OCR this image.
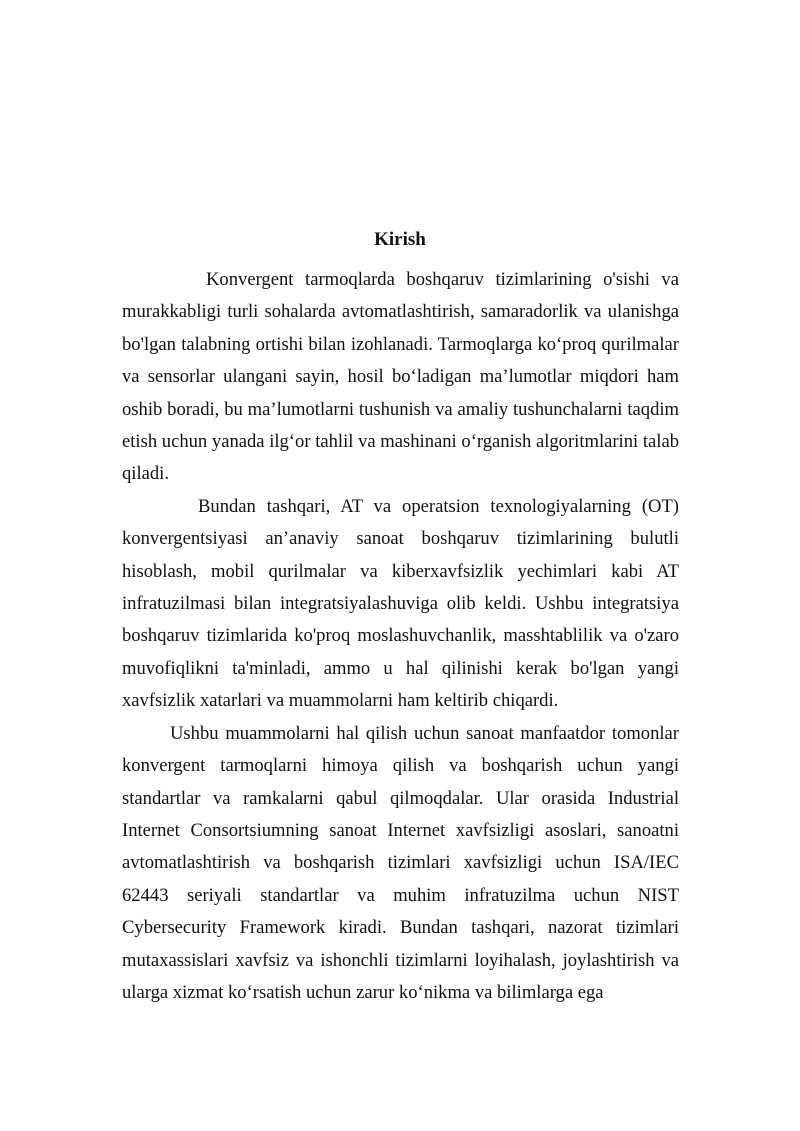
Kirish

Konvergent tarmoqlarda boshqaruv tizimlarining o'sishi va murakkabligi turli sohalarda avtomatlashtirish, samaradorlik va ulanishga bo'lgan talabning ortishi bilan izohlanadi. Tarmoqlarga ko‘proq qurilmalar va sensorlar ulangani sayin, hosil bo‘ladigan ma’lumotlar miqdori ham oshib boradi, bu ma’lumotlarni tushunish va amaliy tushunchalarni taqdim etish uchun yanada ilg‘or tahlil va mashinani o‘rganish algoritmlarini talab qiladi.

Bundan tashqari, AT va operatsion texnologiyalarning (OT) konvergentsiyasi an’anaviy sanoat boshqaruv tizimlarining bulutli hisoblash, mobil qurilmalar va kiberxavfsizlik yechimlari kabi AT infratuzilmasi bilan integratsiyalashuviga olib keldi. Ushbu integratsiya boshqaruv tizimlarida ko'proq moslashuvchanlik, masshtablilik va o'zaro muvofiqlikni ta'minladi, ammo u hal qilinishi kerak bo'lgan yangi xavfsizlik xatarlari va muammolarni ham keltirib chiqardi.

Ushbu muammolarni hal qilish uchun sanoat manfaatdor tomonlar konvergent tarmoqlarni himoya qilish va boshqarish uchun yangi standartlar va ramkalarni qabul qilmoqdalar. Ular orasida Industrial Internet Consortsiumning sanoat Internet xavfsizligi asoslari, sanoatni avtomatlashtirish va boshqarish tizimlari xavfsizligi uchun ISA/IEC 62443 seriyali standartlar va muhim infratuzilma uchun NIST Cybersecurity Framework kiradi. Bundan tashqari, nazorat tizimlari mutaxassislari xavfsiz va ishonchli tizimlarni loyihalash, joylashtirish va ularga xizmat ko‘rsatish uchun zarur ko‘nikma va bilimlarga ega
